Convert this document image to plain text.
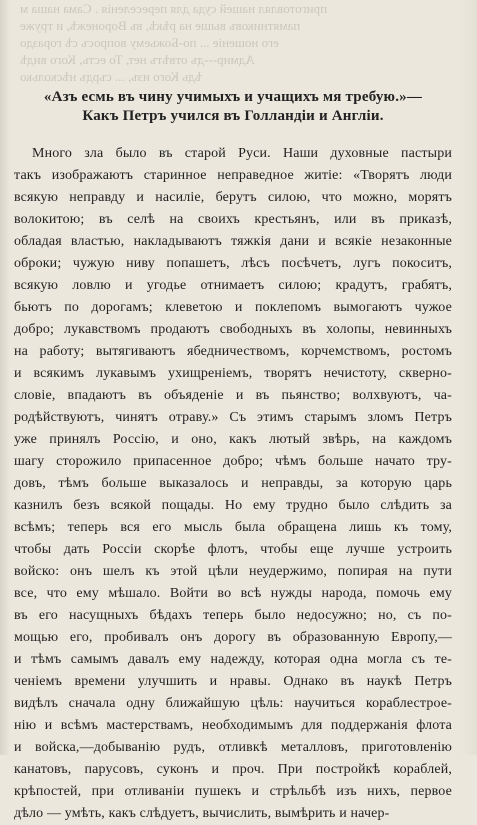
приготовлял нашей суда для переселенія . Сама наша м
памятниковъ выше на рѣкѣ, въ Воронежѣ, и труже
его ношеніе ... по-Божьему вопросъ сѣ гораздо
Адмир---дъ отвѣтъ нет, То есть, Кого видѣ
ѣдь Кого изъ, ... сърдъ нѣсколько
«Азъ есмь въ чину учимыхъ и учащихъ мя требую.»—
Какъ Петръ учился въ Голландіи и Англіи.
Много зла было въ старой Руси. Наши духовные пастыри
такъ изображаютъ старинное неправедное житіе: «Творятъ люди
всякую неправду и насиліе, берутъ силою, что можно, морятъ
волокитою; въ селѣ на своихъ крестьянъ, или въ приказѣ,
обладая властью, накладываютъ тяжкія дани и всякіе незаконные
оброки; чужую ниву попашетъ, лѣсъ посѣчетъ, лугъ покоситъ,
всякую ловлю и угодье отнимаетъ силою; крадутъ, грабятъ,
бьютъ по дорогамъ; клеветою и поклепомъ вымогаютъ чужое
добро; лукавствомъ продаютъ свободныхъ въ холопы, невинныхъ
на работу; вытягиваютъ ябедничествомъ, корчемствомъ, ростомъ
и всякимъ лукавымъ ухищреніемъ, творятъ нечистоту, скверно-
словіе, впадаютъ въ объяденіе и въ пьянство; волхвуютъ, ча-
родѣйствуютъ, чинятъ отраву.» Съ этимъ старымъ зломъ Петръ
уже принялъ Россію, и оно, какъ лютый звѣрь, на каждомъ
шагу сторожило припасенное добро; чѣмъ больше начато тру-
довъ, тѣмъ больше выказалось и неправды, за которую царь
казнилъ безъ всякой пощады. Но ему трудно было слѣдить за
всѣмъ; теперь вся его мысль была обращена лишь къ тому,
чтобы дать Россіи скорѣе флотъ, чтобы еще лучше устроить
войско: онъ шелъ къ этой цѣли неудержимо, попирая на пути
все, что ему мѣшало. Войти во всѣ нужды народа, помочь ему
въ его насущныхъ бѣдахъ теперь было недосужно; но, съ по-
мощью его, пробивалъ онъ дорогу въ образованную Европу,—
и тѣмъ самымъ давалъ ему надежду, которая одна могла съ те-
ченіемъ времени улучшить и нравы. Однако въ наукѣ Петръ
видѣлъ сначала одну ближайшую цѣль: научиться кораблестрое-
нію и всѣмъ мастерствамъ, необходимымъ для поддержанія флота
и войска,—добыванію рудъ, отливкѣ металловъ, приготовленію
канатовъ, парусовъ, суконъ и проч. При постройкѣ кораблей,
крѣпостей, при отливаніи пушекъ и стрѣльбѣ изъ нихъ, первое
дѣло — умѣть, какъ слѣдуетъ, вычислить, вымѣрить и начер-
